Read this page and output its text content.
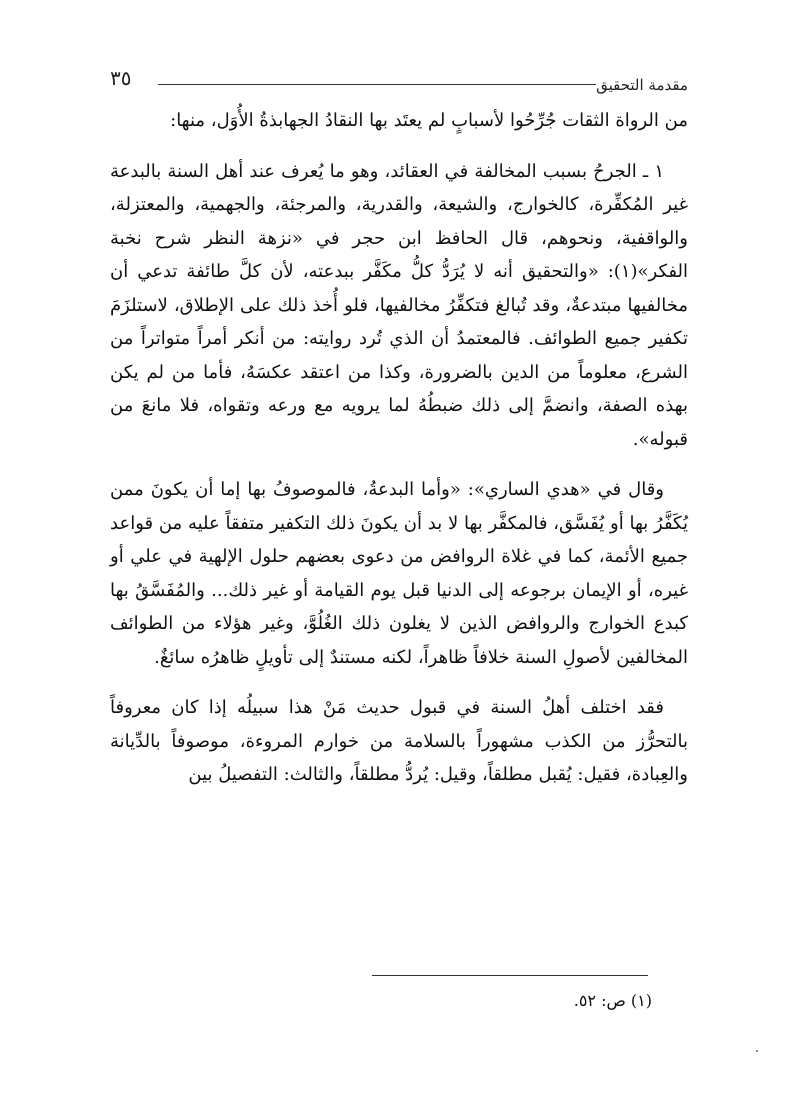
مقدمة التحقيق
٣٥

من الرواة الثقات جُرِّحُوا لأسبابٍ لم يعتَد بها النقادُ الجهابذةُ الأُوَل، منها:

١ ـ الجرحُ بسبب المخالفة في العقائد، وهو ما يُعرف عند أهل السنة بالبدعة غير المُكفِّرة، كالخوارج، والشيعة، والقدرية، والمرجئة، والجهمية، والمعتزلة، والواقفية، ونحوهم، قال الحافظ ابن حجر في «نزهة النظر شرح نخبة الفكر»(١): «والتحقيق أنه لا يُرَدُّ كلُّ مكَفَّر ببدعته، لأن كلَّ طائفة تدعي أن مخالفيها مبتدعةٌ، وقد تُبالغ فتكفِّرُ مخالفيها، فلو أُخذ ذلك على الإطلاق، لاستلزَمَ تكفير جميع الطوائف. فالمعتمدُ أن الذي تُرد روايته: من أنكر أمراً متواتراً من الشرع، معلوماً من الدين بالضرورة، وكذا من اعتقد عكسَهُ، فأما من لم يكن بهذه الصفة، وانضمَّ إلى ذلك ضبطُهُ لما يرويه مع ورعه وتقواه، فلا مانعَ من قبوله».

وقال في «هدي الساري»: «وأما البدعةُ، فالموصوفُ بها إما أن يكونَ ممن يُكَفَّرُ بها أو يُفَسَّق، فالمكفَّر بها لا بد أن يكونَ ذلك التكفير متفقاً عليه من قواعد جميع الأئمة، كما في غلاة الروافض من دعوى بعضهم حلول الإلهية في علي أو غيره، أو الإيمان برجوعه إلى الدنيا قبل يوم القيامة أو غير ذلك... والمُفَسَّقُ بها كبدع الخوارج والروافض الذين لا يغلون ذلك الغُلُوَّ، وغير هؤلاء من الطوائف المخالفين لأصولِ السنة خلافاً ظاهراً، لكنه مستندٌ إلى تأويلٍ ظاهرُه سائغٌ.

فقد اختلف أهلُ السنة في قبول حديث مَنْ هذا سبيلُه إذا كان معروفاً بالتحرُّز من الكذب مشهوراً بالسلامة من خوارم المروءة، موصوفاً بالدِّيانة والعِبادة، فقيل: يُقبل مطلقاً، وقيل: يُردُّ مطلقاً، والثالث: التفصيلُ بين

(١) ص: ٥٢.
